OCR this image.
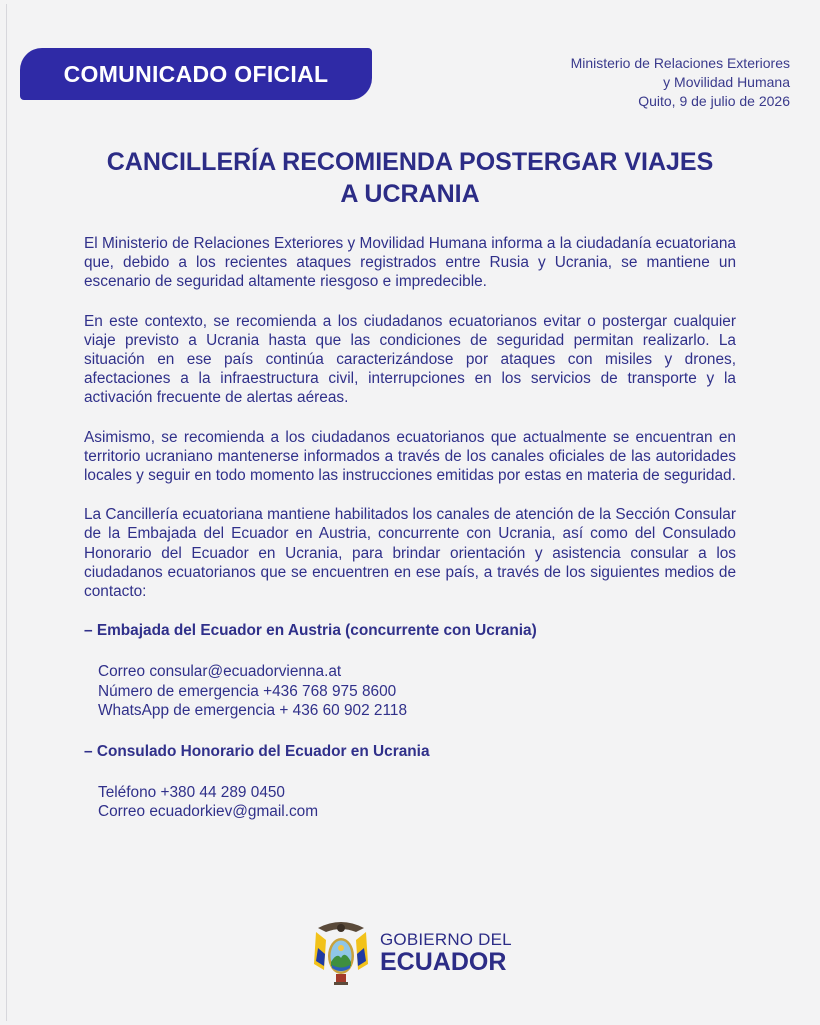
COMUNICADO OFICIAL	Ministerio de Relaciones Exteriores
y Movilidad Humana
Quito, 9 de julio de 2026
CANCILLERÍA RECOMIENDA POSTERGAR VIAJES
A UCRANIA

El Ministerio de Relaciones Exteriores y Movilidad Humana informa a la ciudadanía ecuatoriana que, debido a los recientes ataques registrados entre Rusia y Ucrania, se mantiene un escenario de seguridad altamente riesgoso e impredecible.

En este contexto, se recomienda a los ciudadanos ecuatorianos evitar o postergar cualquier viaje previsto a Ucrania hasta que las condiciones de seguridad permitan realizarlo. La situación en ese país continúa caracterizándose por ataques con misiles y drones, afectaciones a la infraestructura civil, interrupciones en los servicios de transporte y la activación frecuente de alertas aéreas.

Asimismo, se recomienda a los ciudadanos ecuatorianos que actualmente se encuentran en territorio ucraniano mantenerse informados a través de los canales oficiales de las autoridades locales y seguir en todo momento las instrucciones emitidas por estas en materia de seguridad.

La Cancillería ecuatoriana mantiene habilitados los canales de atención de la Sección Consular de la Embajada del Ecuador en Austria, concurrente con Ucrania, así como del Consulado Honorario del Ecuador en Ucrania, para brindar orientación y asistencia consular a los ciudadanos ecuatorianos que se encuentren en ese país, a través de los siguientes medios de contacto:

– Embajada del Ecuador en Austria (concurrente con Ucrania)
Correo consular@ecuadorvienna.at
Número de emergencia +436 768 975 8600
WhatsApp de emergencia + 436 60 902 2118
– Consulado Honorario del Ecuador en Ucrania
Teléfono +380 44 289 0450
Correo ecuadorkiev@gmail.com
GOBIERNO DEL
ECUADOR
